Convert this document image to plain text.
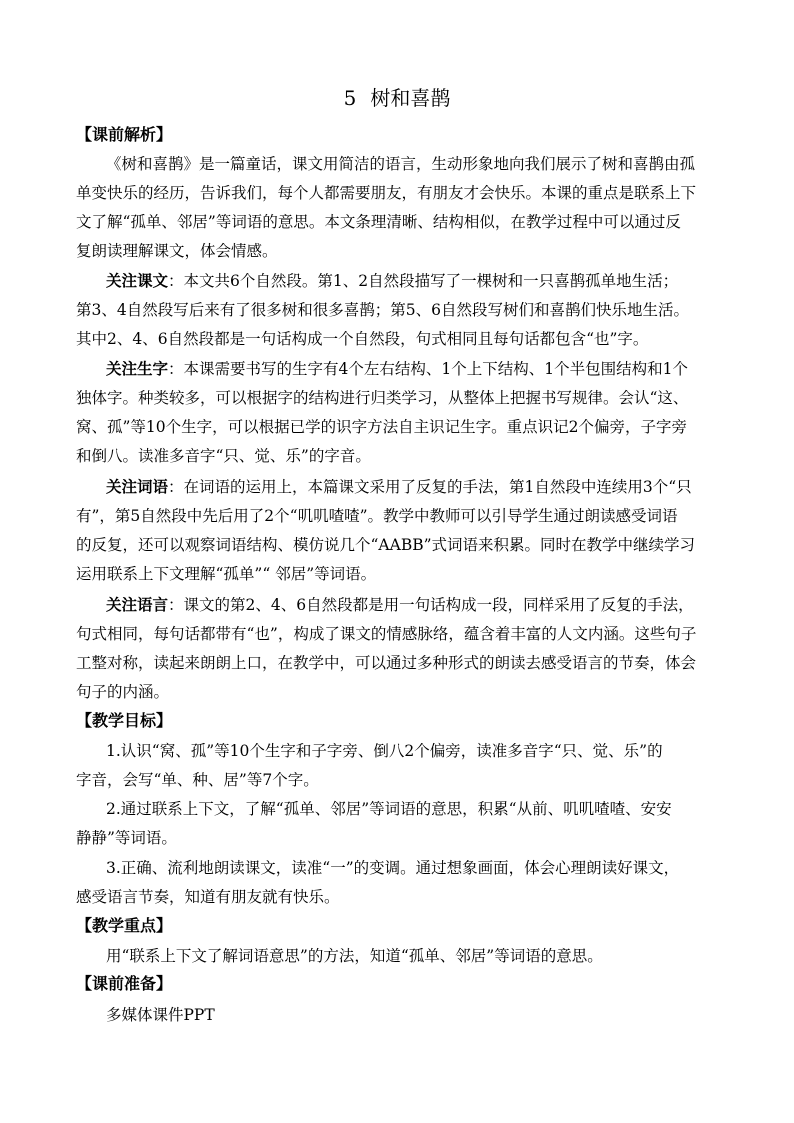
5 树和喜鹊
【课前解析】
《树和喜鹊》是一篇童话，课文用简洁的语言，生动形象地向我们展示了树和喜鹊由孤
单变快乐的经历，告诉我们，每个人都需要朋友，有朋友才会快乐。本课的重点是联系上下
文了解“孤单、邻居”等词语的意思。本文条理清晰、结构相似，在教学过程中可以通过反
复朗读理解课文，体会情感。
关注课文：本文共6个自然段。第1、2自然段描写了一棵树和一只喜鹊孤单地生活；
第3、4自然段写后来有了很多树和很多喜鹊；第5、6自然段写树们和喜鹊们快乐地生活。
其中2、4、6自然段都是一句话构成一个自然段，句式相同且每句话都包含“也”字。
关注生字：本课需要书写的生字有4个左右结构、1个上下结构、1个半包围结构和1个
独体字。种类较多，可以根据字的结构进行归类学习，从整体上把握书写规律。会认“这、
窝、孤”等10个生字，可以根据已学的识字方法自主识记生字。重点识记2个偏旁，子字旁
和倒八。读准多音字“只、觉、乐”的字音。
关注词语：在词语的运用上，本篇课文采用了反复的手法，第1自然段中连续用3个“只
有”，第5自然段中先后用了2个“叽叽喳喳”。教学中教师可以引导学生通过朗读感受词语
的反复，还可以观察词语结构、模仿说几个“AABB”式词语来积累。同时在教学中继续学习
运用联系上下文理解“孤单”“ 邻居”等词语。
关注语言：课文的第2、4、6自然段都是用一句话构成一段，同样采用了反复的手法，
句式相同，每句话都带有“也”，构成了课文的情感脉络，蕴含着丰富的人文内涵。这些句子
工整对称，读起来朗朗上口，在教学中，可以通过多种形式的朗读去感受语言的节奏，体会
句子的内涵。
【教学目标】
1.认识“窝、孤”等10个生字和子字旁、倒八2个偏旁，读准多音字“只、觉、乐”的
字音，会写“单、种、居”等7个字。
2.通过联系上下文，了解“孤单、邻居”等词语的意思，积累“从前、叽叽喳喳、安安
静静”等词语。
3.正确、流利地朗读课文，读准“一”的变调。通过想象画面，体会心理朗读好课文，
感受语言节奏，知道有朋友就有快乐。
【教学重点】
用“联系上下文了解词语意思”的方法，知道“孤单、邻居”等词语的意思。
【课前准备】
多媒体课件PPT
